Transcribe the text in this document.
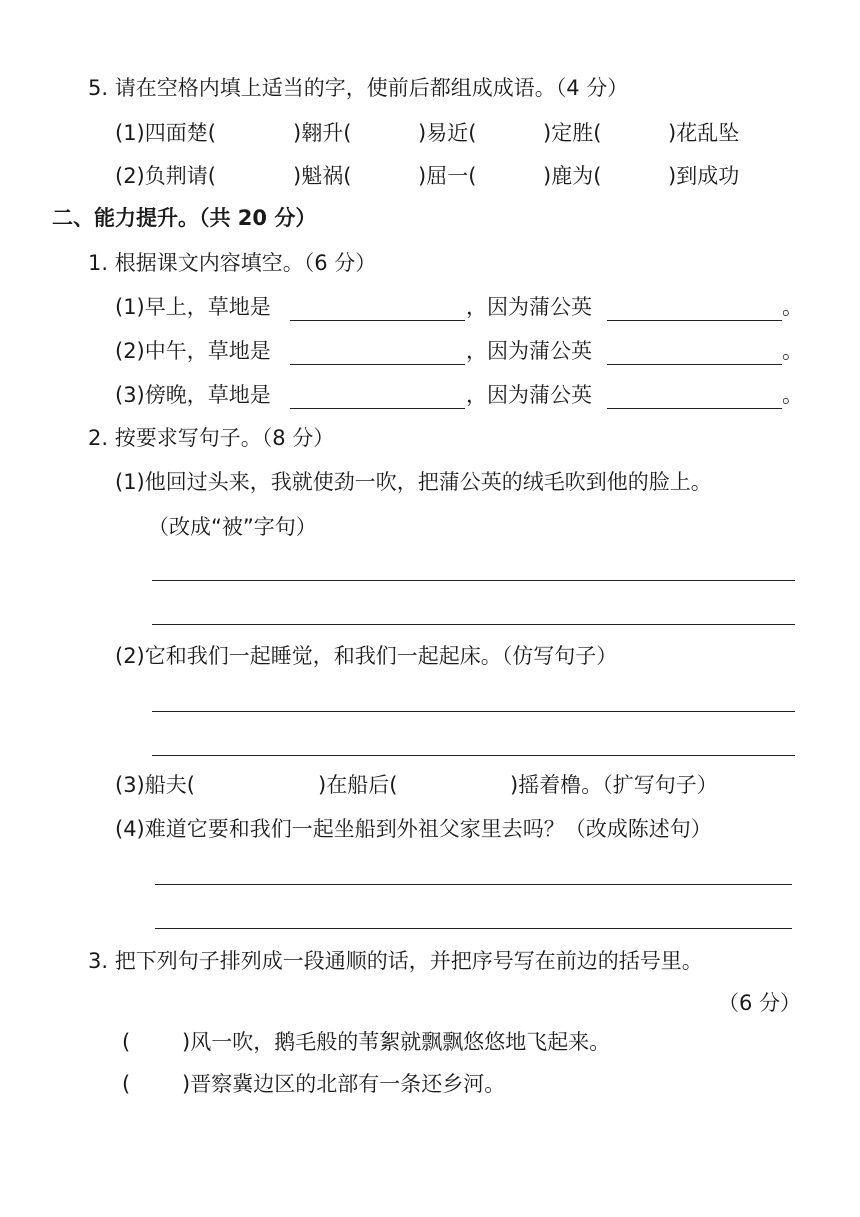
5. 请在空格内填上适当的字，使前后都组成成语。（4 分）
(1)四面楚(	)翱升(	)易近(	)定胜(	)花乱坠
(2)负荆请(	)魁祸(	)屈一(	)鹿为(	)到成功
二、能力提升。（共 20 分）
1. 根据课文内容填空。（6 分）
(1)早上，草地是	，因为蒲公英	。
(2)中午，草地是	，因为蒲公英	。
(3)傍晚，草地是	，因为蒲公英	。
2. 按要求写句子。（8 分）
(1)他回过头来，我就使劲一吹，把蒲公英的绒毛吹到他的脸上。
（改成“被”字句）
(2)它和我们一起睡觉，和我们一起起床。（仿写句子）
(3)船夫(	)在船后(	)摇着橹。（扩写句子）
(4)难道它要和我们一起坐船到外祖父家里去吗？（改成陈述句）
3. 把下列句子排列成一段通顺的话，并把序号写在前边的括号里。
（6 分）
( )风一吹，鹅毛般的苇絮就飘飘悠悠地飞起来。
( )晋察冀边区的北部有一条还乡河。
